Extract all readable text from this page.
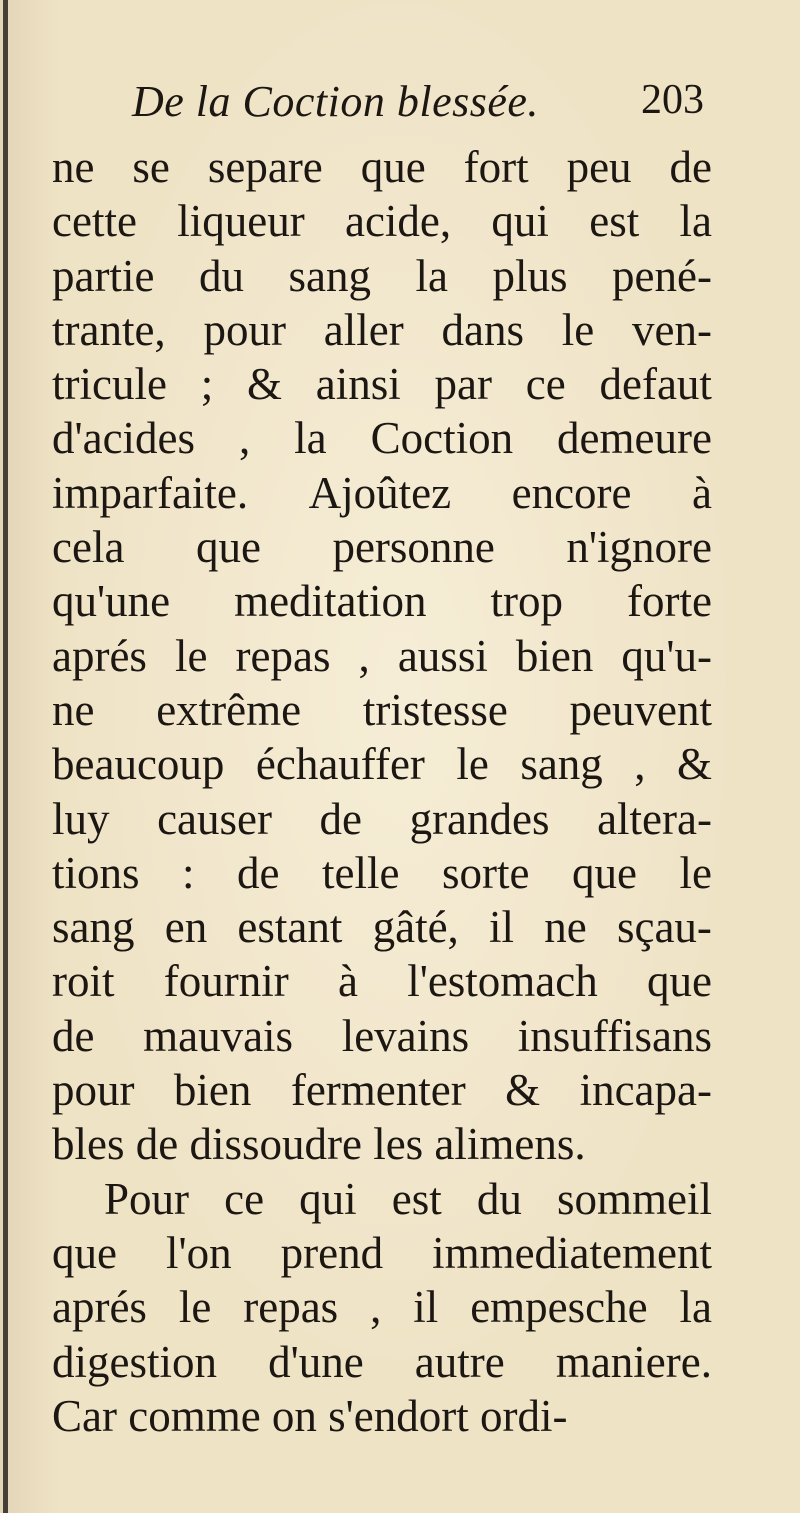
De la Coction blessée. 203
ne se separe que fort peu de
cette liqueur acide, qui est la
partie du sang la plus pené-
trante, pour aller dans le ven-
tricule ; & ainsi par ce defaut
d'acides , la Coction demeure
imparfaite. Ajoûtez encore à
cela que personne n'ignore
qu'une meditation trop forte
aprés le repas , aussi bien qu'u-
ne extrême tristesse peuvent
beaucoup échauffer le sang , &
luy causer de grandes altera-
tions : de telle sorte que le
sang en estant gâté, il ne sçau-
roit fournir à l'estomach que
de mauvais levains insuffisans
pour bien fermenter & incapa-
bles de dissoudre les alimens.
Pour ce qui est du sommeil
que l'on prend immediatement
aprés le repas , il empesche la
digestion d'une autre maniere.
Car comme on s'endort ordi-
